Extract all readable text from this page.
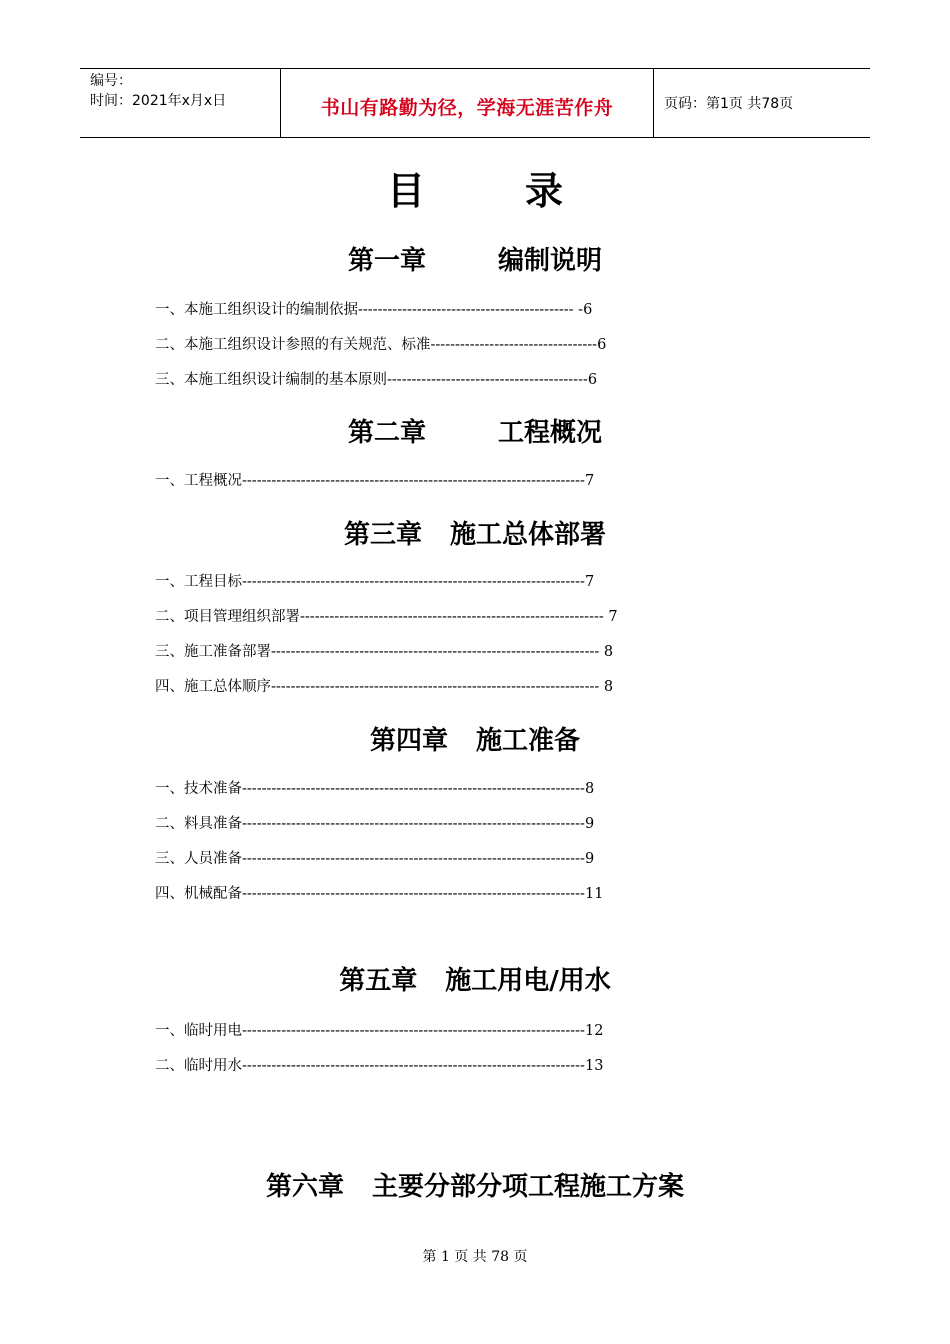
编号：
时间：2021年x月x日	书山有路勤为径，学海无涯苦作舟	页码：第1页 共78页
目	录
第一章	编制说明
一、本施工组织设计的编制依据-------------------------------------------- -6
二、本施工组织设计参照的有关规范、标准----------------------------------6
三、本施工组织设计编制的基本原则-----------------------------------------6
第二章	工程概况
一、工程概况----------------------------------------------------------------------7
第三章 施工总体部署
一、工程目标----------------------------------------------------------------------7
二、项目管理组织部署-------------------------------------------------------------- 7
三、施工准备部署------------------------------------------------------------------- 8
四、施工总体顺序------------------------------------------------------------------- 8
第四章 施工准备
一、技术准备----------------------------------------------------------------------8
二、料具准备----------------------------------------------------------------------9
三、人员准备----------------------------------------------------------------------9
四、机械配备----------------------------------------------------------------------11
第五章 施工用电/用水
一、临时用电----------------------------------------------------------------------12
二、临时用水----------------------------------------------------------------------13
第六章 主要分部分项工程施工方案
第 1 页 共 78 页
